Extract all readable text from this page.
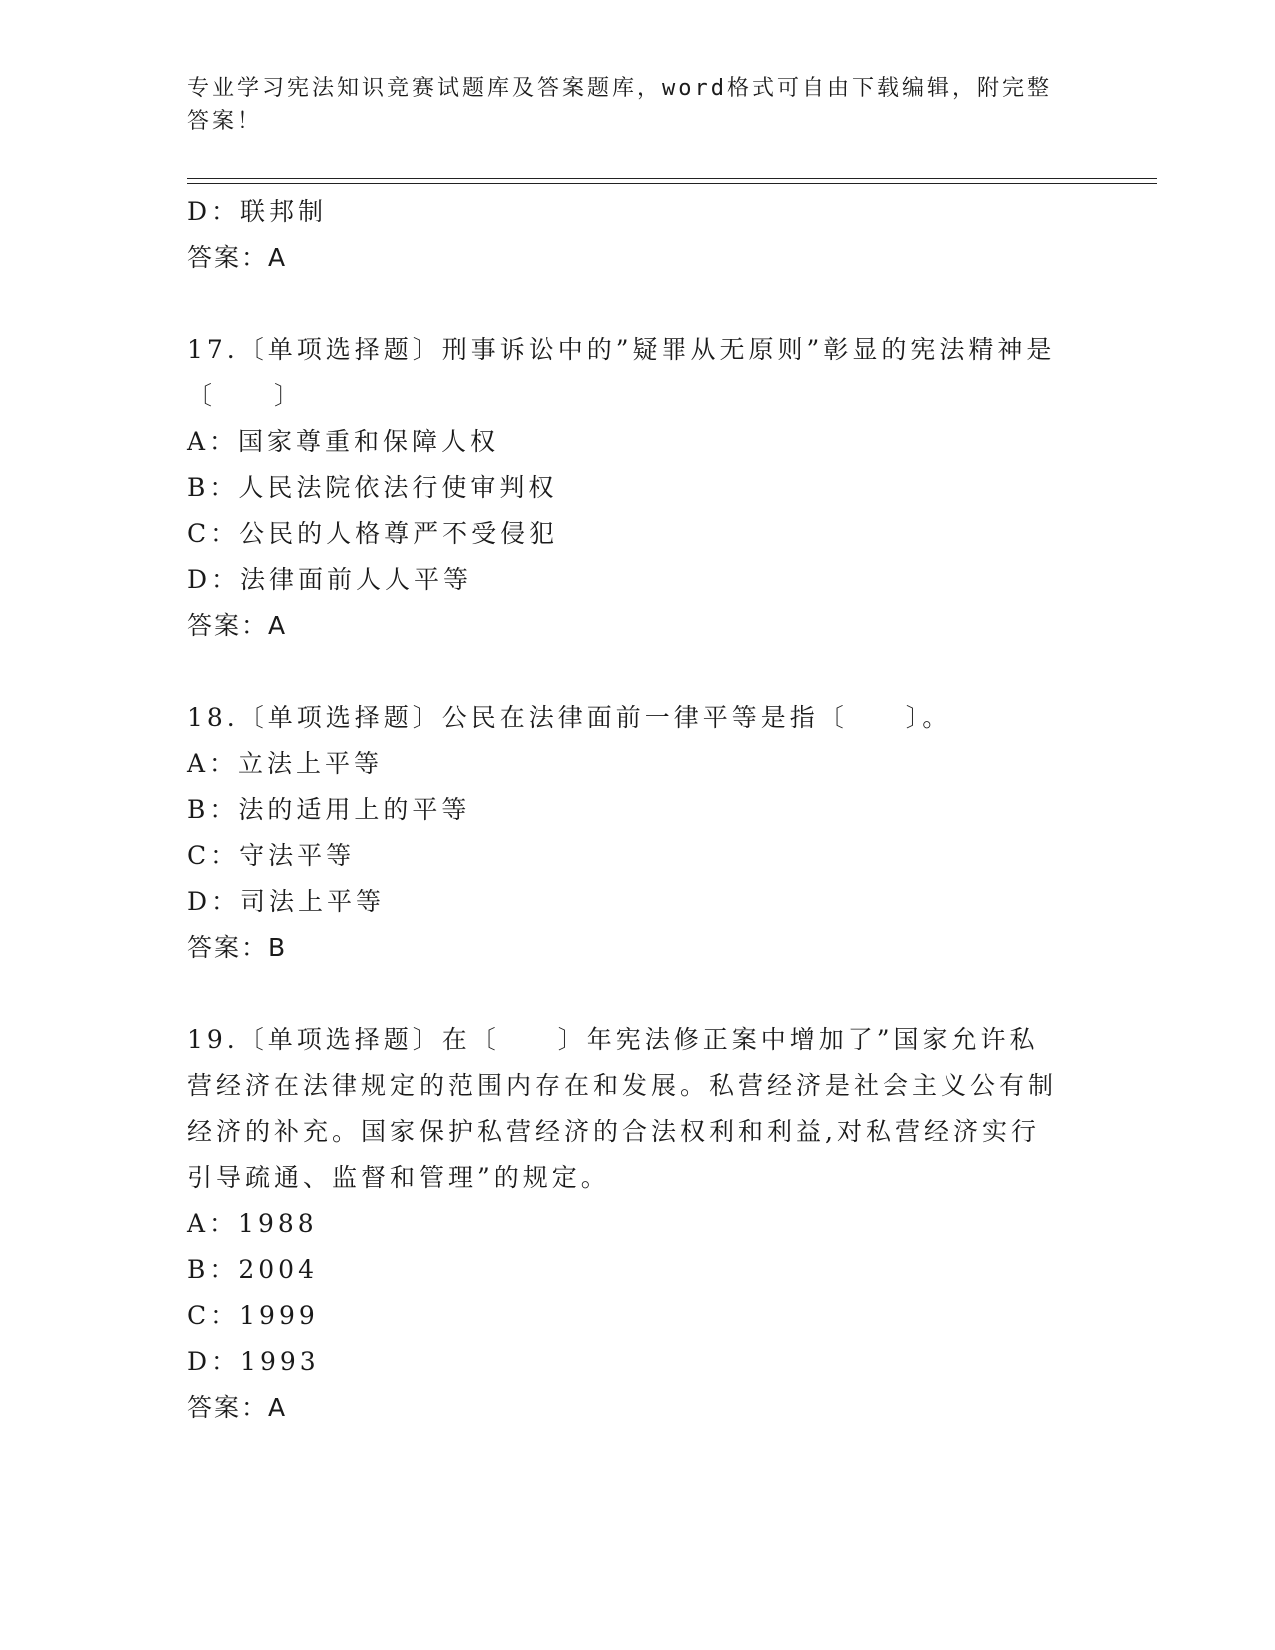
专业学习宪法知识竞赛试题库及答案题库，word格式可自由下载编辑，附完整答案！
D：联邦制
答案：A
17.〔单项选择题〕刑事诉讼中的”疑罪从无原则”彰显的宪法精神是〔　　〕
A：国家尊重和保障人权
B：人民法院依法行使审判权
C：公民的人格尊严不受侵犯
D：法律面前人人平等
答案：A
18.〔单项选择题〕公民在法律面前一律平等是指〔　　〕。
A：立法上平等
B：法的适用上的平等
C：守法平等
D：司法上平等
答案：B
19.〔单项选择题〕在〔　　〕年宪法修正案中增加了”国家允许私营经济在法律规定的范围内存在和发展。私营经济是社会主义公有制经济的补充。国家保护私营经济的合法权利和利益,对私营经济实行引导疏通、监督和管理”的规定。
A：1988
B：2004
C：1999
D：1993
答案：A
